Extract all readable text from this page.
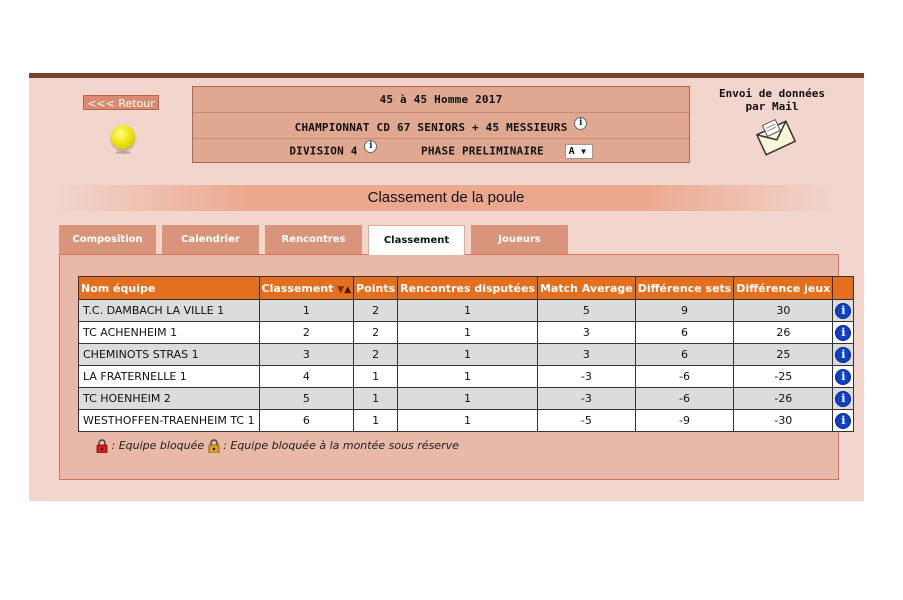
<<< Retour	45 à 45 Homme 2017
CHAMPIONNAT CD 67 SENIORS + 45 MESSIEURS i
DIVISION 4 i	PHASE PRELIMINAIRE A ▼
Envoi de données
par Mail
Classement de la poule
Composition	Calendrier	Rencontres	Classement	Joueurs
Nom équipe	Classement ▼▲	Points	Rencontres disputées	Match Average	Différence sets	Différence jeux	
T.C. DAMBACH LA VILLE 1	1	2	1	5	9	30	i
TC ACHENHEIM 1	2	2	1	3	6	26	i
CHEMINOTS STRAS 1	3	2	1	3	6	25	i
LA FRATERNELLE 1	4	1	1	-3	-6	-25	i
TC HOENHEIM 2	5	1	1	-3	-6	-26	i
WESTHOFFEN-TRAENHEIM TC 1	6	1	1	-5	-9	-30	i
: Equipe bloquée : Equipe bloquée à la montée sous réserve
